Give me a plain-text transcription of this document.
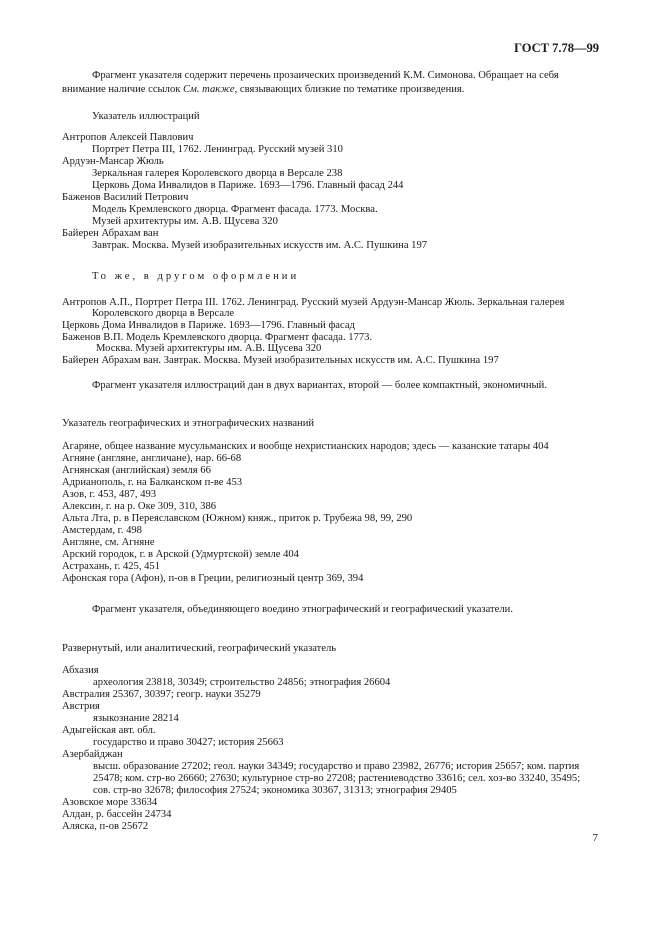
ГОСТ 7.78—99
Фрагмент указателя содержит перечень прозаических произведений К.М. Симонова. Обращает на себя
внимание наличие ссылок См. также, связывающих близкие по тематике произведения.
Указатель иллюстраций
Антропов Алексей Павлович
Портрет Петра III, 1762. Ленинград. Русский музей 310
Ардуэн-Мансар Жюль
Зеркальная галерея Королевского дворца в Версале 238
Церковь Дома Инвалидов в Париже. 1693—1796. Главный фасад 244
Баженов Василий Петрович
Модель Кремлевского дворца. Фрагмент фасада. 1773. Москва.
Музей архитектуры им. А.В. Щусева 320
Байерен Абрахам ван
Завтрак. Москва. Музей изобразительных искусств им. А.С. Пушкина 197
То же, в другом оформлении
Антропов А.П., Портрет Петра III. 1762. Ленинград. Русский музей Ардуэн-Мансар Жюль. Зеркальная галерея
Королевского дворца в Версале
Церковь Дома Инвалидов в Париже. 1693—1796. Главный фасад
Баженов В.П. Модель Кремлевского дворца. Фрагмент фасада. 1773.
Москва. Музей архитектуры им. А.В. Щусева 320
Байерен Абрахам ван. Завтрак. Москва. Музей изобразительных искусств им. А.С. Пушкина 197
Фрагмент указателя иллюстраций дан в двух вариантах, второй — более компактный, экономичный.
Указатель географических и этнографических названий
Агаряне, общее название мусульманских и вообще нехристианских народов; здесь — казанские татары 404
Агняне (англяне, англичане), нар. 66-68
Агнянская (английская) земля 66
Адрианополь, г. на Балканском п-ве 453
Азов, г. 453, 487, 493
Алексин, г. на р. Оке 309, 310, 386
Альта Лта, р. в Переяславском (Южном) княж., приток р. Трубежа 98, 99, 290
Амстердам, г. 498
Англяне, см. Агняне
Арский городок, г. в Арской (Удмуртской) земле 404
Астрахань, г. 425, 451
Афонская гора (Афон), п-ов в Греции, религиозный центр 369, 394
Фрагмент указателя, объединяющего воедино этнографический и географический указатели.
Развернутый, или аналитический, географический указатель
Абхазия
археология 23818, 30349; строительство 24856; этнография 26604
Австралия 25367, 30397; геогр. науки 35279
Австрия
языкознание 28214
Адыгейская авт. обл.
государство и право 30427; история 25663
Азербайджан
высш. образование 27202; геол. науки 34349; государство и право 23982, 26776; история 25657; ком. партия
25478; ком. стр-во 26660; 27630; культурное стр-во 27208; растениеводство 33616; сел. хоз-во 33240, 35495;
сов. стр-во 32678; философия 27524; экономика 30367, 31313; этнография 29405
Азовское море 33634
Алдан, р. бассейн 24734
Аляска, п-ов 25672
7
